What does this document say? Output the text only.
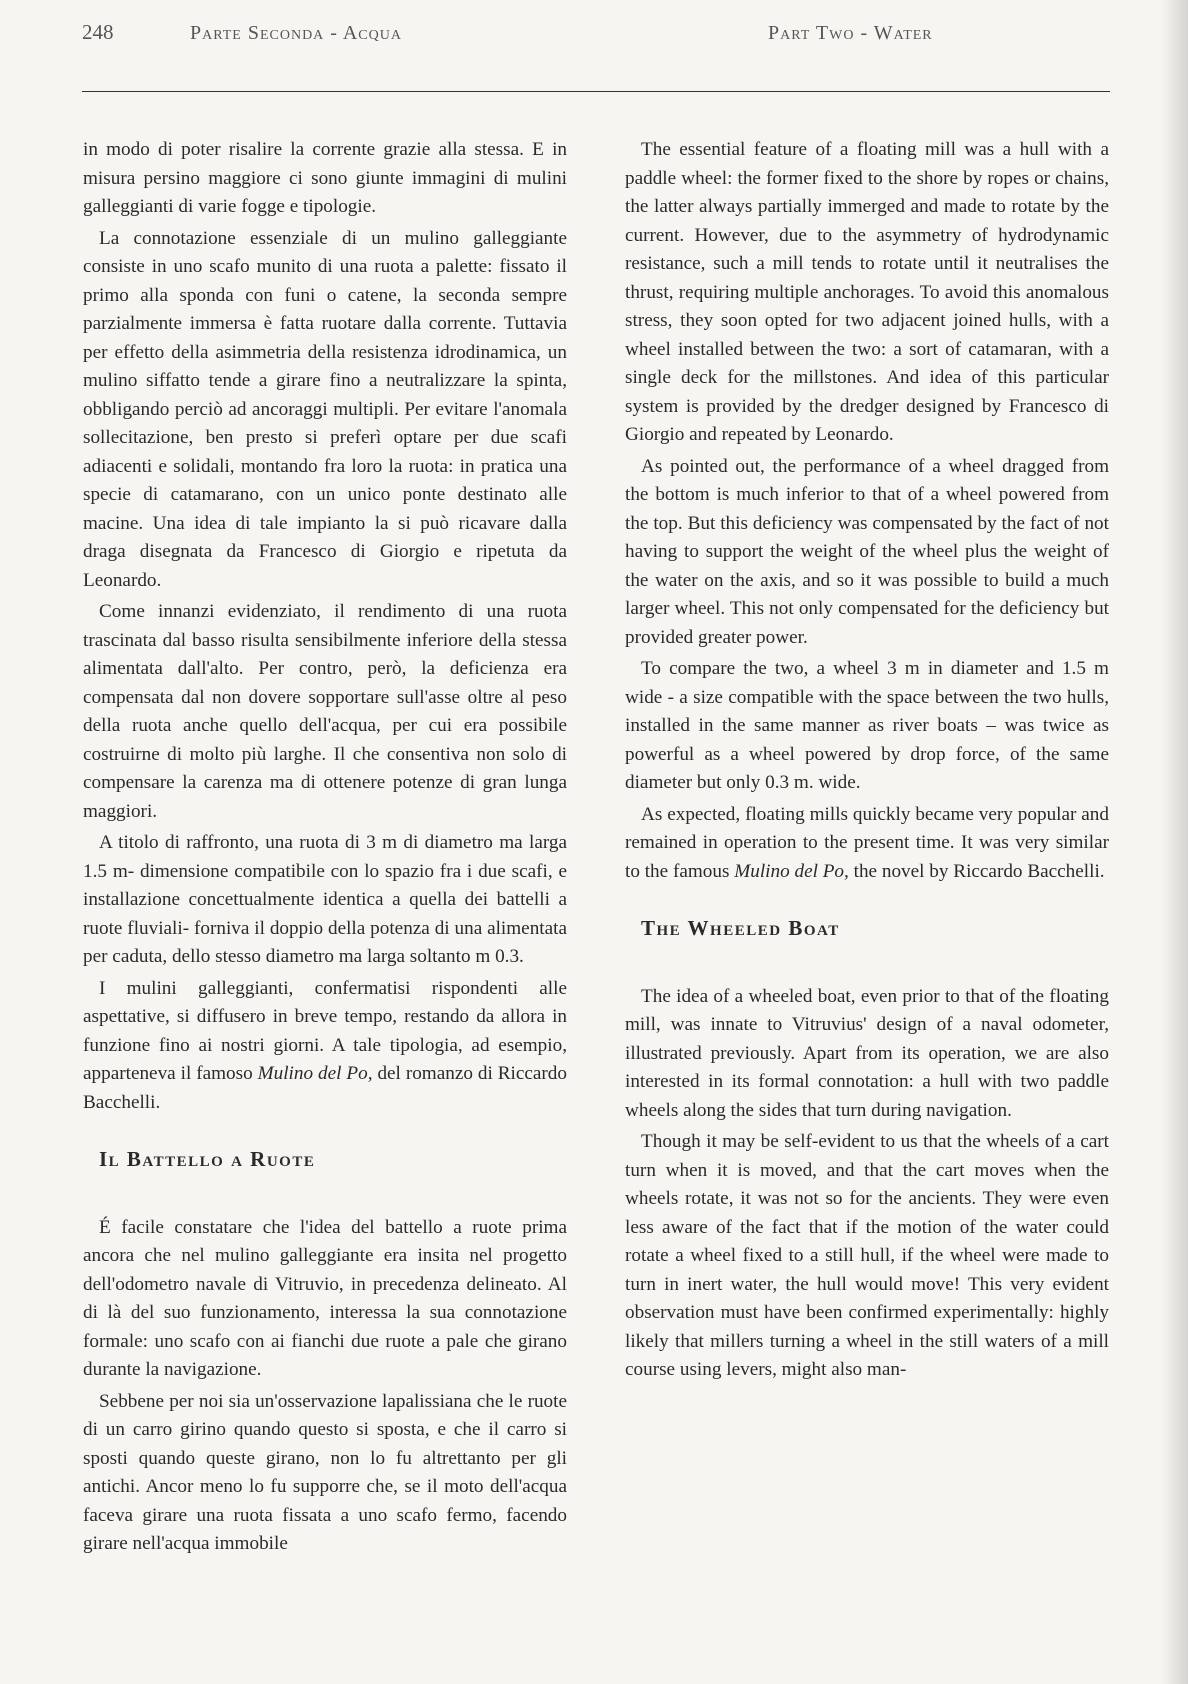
248	Parte Seconda - Acqua	Part Two - Water

in modo di poter risalire la corrente grazie alla stessa. E in misura persino maggiore ci sono giunte immagini di mulini galleggianti di varie fogge e tipologie.

La connotazione essenziale di un mulino galleggiante consiste in uno scafo munito di una ruota a palette: fissato il primo alla sponda con funi o catene, la seconda sempre parzialmente immersa è fatta ruotare dalla corrente. Tuttavia per effetto della asimmetria della resistenza idrodinamica, un mulino siffatto tende a girare fino a neutralizzare la spinta, obbligando perciò ad ancoraggi multipli. Per evitare l'anomala sollecitazione, ben presto si preferì optare per due scafi adiacenti e solidali, montando fra loro la ruota: in pratica una specie di catamarano, con un unico ponte destinato alle macine. Una idea di tale impianto la si può ricavare dalla draga disegnata da Francesco di Giorgio e ripetuta da Leonardo.

Come innanzi evidenziato, il rendimento di una ruota trascinata dal basso risulta sensibilmente inferiore della stessa alimentata dall'alto. Per contro, però, la deficienza era compensata dal non dovere sopportare sull'asse oltre al peso della ruota anche quello dell'acqua, per cui era possibile costruirne di molto più larghe. Il che consentiva non solo di compensare la carenza ma di ottenere potenze di gran lunga maggiori.

A titolo di raffronto, una ruota di 3 m di diametro ma larga 1.5 m- dimensione compatibile con lo spazio fra i due scafi, e installazione concettualmente identica a quella dei battelli a ruote fluviali- forniva il doppio della potenza di una alimentata per caduta, dello stesso diametro ma larga soltanto m 0.3.

I mulini galleggianti, confermatisi rispondenti alle aspettative, si diffusero in breve tempo, restando da allora in funzione fino ai nostri giorni. A tale tipologia, ad esempio, apparteneva il famoso Mulino del Po, del romanzo di Riccardo Bacchelli.

Il Battello a Ruote

É facile constatare che l'idea del battello a ruote prima ancora che nel mulino galleggiante era insita nel progetto dell'odometro navale di Vitruvio, in precedenza delineato. Al di là del suo funzionamento, interessa la sua connotazione formale: uno scafo con ai fianchi due ruote a pale che girano durante la navigazione.

Sebbene per noi sia un'osservazione lapalissiana che le ruote di un carro girino quando questo si sposta, e che il carro si sposti quando queste girano, non lo fu altrettanto per gli antichi. Ancor meno lo fu supporre che, se il moto dell'acqua faceva girare una ruota fissata a uno scafo fermo, facendo girare nell'acqua immobile

The essential feature of a floating mill was a hull with a paddle wheel: the former fixed to the shore by ropes or chains, the latter always partially immerged and made to rotate by the current. However, due to the asymmetry of hydrodynamic resistance, such a mill tends to rotate until it neutralises the thrust, requiring multiple anchorages. To avoid this anomalous stress, they soon opted for two adjacent joined hulls, with a wheel installed between the two: a sort of catamaran, with a single deck for the millstones. And idea of this particular system is provided by the dredger designed by Francesco di Giorgio and repeated by Leonardo.

As pointed out, the performance of a wheel dragged from the bottom is much inferior to that of a wheel powered from the top. But this deficiency was compensated by the fact of not having to support the weight of the wheel plus the weight of the water on the axis, and so it was possible to build a much larger wheel. This not only compensated for the deficiency but provided greater power.

To compare the two, a wheel 3 m in diameter and 1.5 m wide - a size compatible with the space between the two hulls, installed in the same manner as river boats – was twice as powerful as a wheel powered by drop force, of the same diameter but only 0.3 m. wide.

As expected, floating mills quickly became very popular and remained in operation to the present time. It was very similar to the famous Mulino del Po, the novel by Riccardo Bacchelli.

The Wheeled Boat

The idea of a wheeled boat, even prior to that of the floating mill, was innate to Vitruvius' design of a naval odometer, illustrated previously. Apart from its operation, we are also interested in its formal connotation: a hull with two paddle wheels along the sides that turn during navigation.

Though it may be self-evident to us that the wheels of a cart turn when it is moved, and that the cart moves when the wheels rotate, it was not so for the ancients. They were even less aware of the fact that if the motion of the water could rotate a wheel fixed to a still hull, if the wheel were made to turn in inert water, the hull would move! This very evident observation must have been confirmed experimentally: highly likely that millers turning a wheel in the still waters of a mill course using levers, might also man-
